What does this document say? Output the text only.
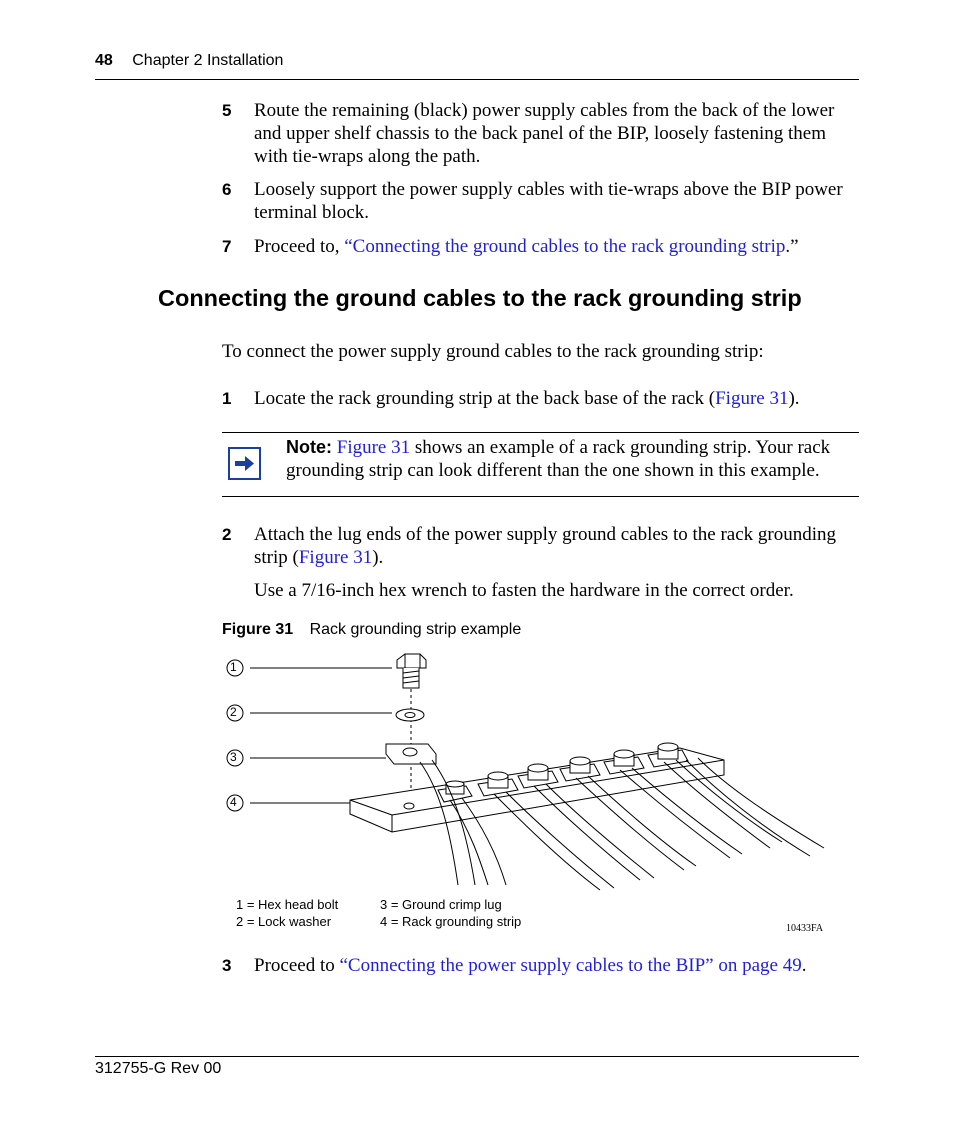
48 Chapter 2 Installation
5 Route the remaining (black) power supply cables from the back of the lower and upper shelf chassis to the back panel of the BIP, loosely fastening them with tie-wraps along the path.
6 Loosely support the power supply cables with tie-wraps above the BIP power terminal block.
7 Proceed to, “Connecting the ground cables to the rack grounding strip.”
Connecting the ground cables to the rack grounding strip
To connect the power supply ground cables to the rack grounding strip:
1 Locate the rack grounding strip at the back base of the rack (Figure 31).
Note: Figure 31 shows an example of a rack grounding strip. Your rack grounding strip can look different than the one shown in this example.
2 Attach the lug ends of the power supply ground cables to the rack grounding strip (Figure 31).
Use a 7/16-inch hex wrench to fasten the hardware in the correct order.
Figure 31 Rack grounding strip example
1
2
3
4
1 = Hex head bolt
2 = Lock washer
3 = Ground crimp lug
4 = Rack grounding strip	10433FA
3 Proceed to “Connecting the power supply cables to the BIP” on page 49.
312755-G Rev 00
